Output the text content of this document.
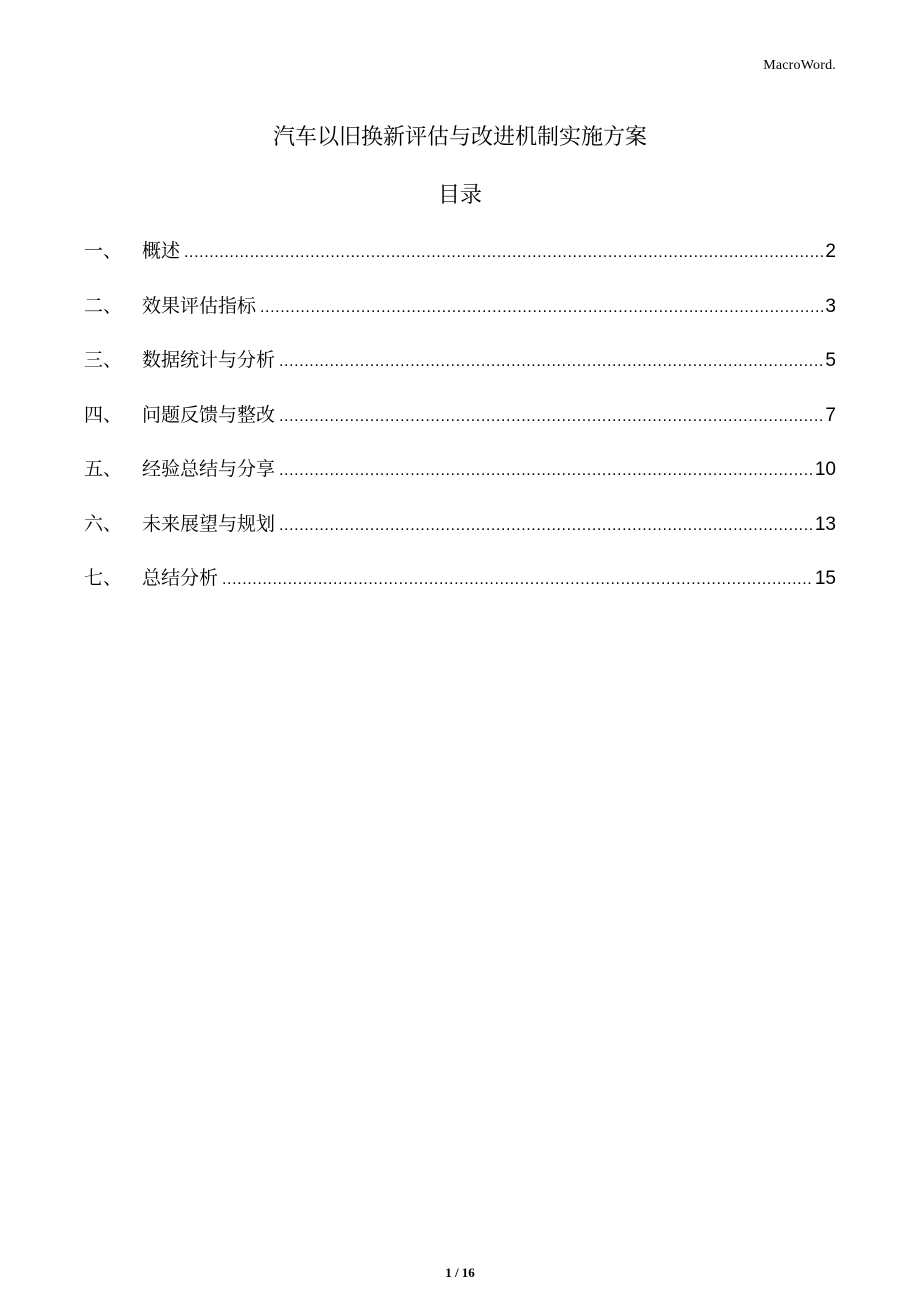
MacroWord.
汽车以旧换新评估与改进机制实施方案
目录
一、	概述 .....	2
二、	效果评估指标 .....	3
三、	数据统计与分析 .....	5
四、	问题反馈与整改 .....	7
五、	经验总结与分享 .....	10
六、	未来展望与规划 .....	13
七、	总结分析 .....	15
1 / 16
